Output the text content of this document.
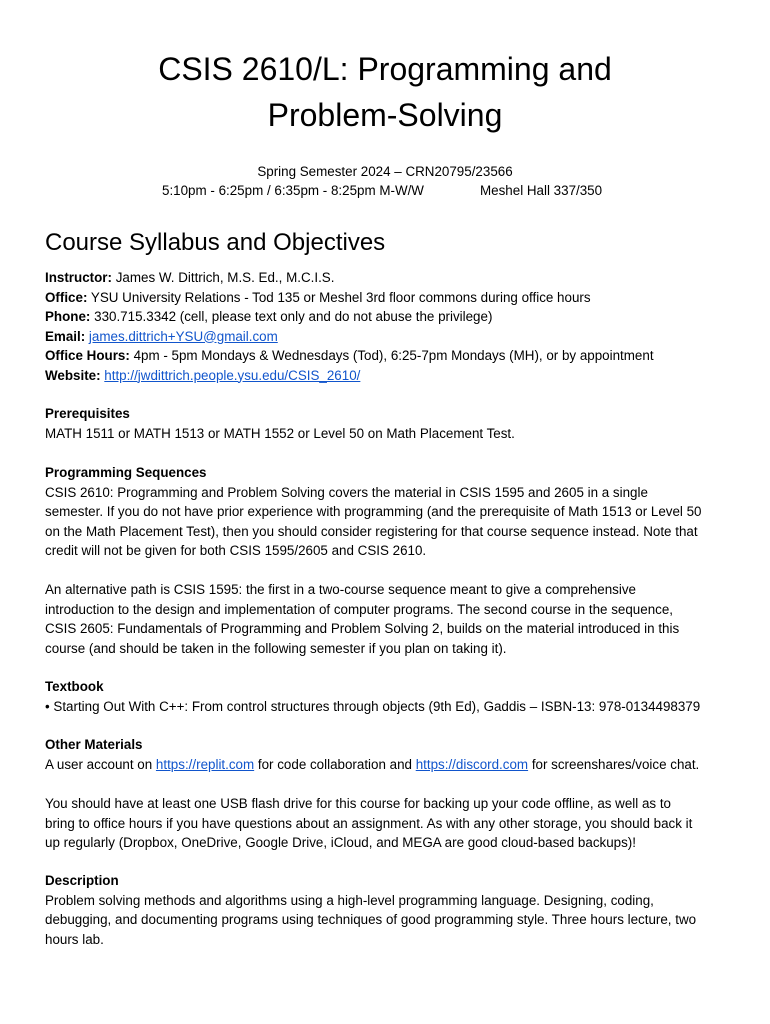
CSIS 2610/L: Programming and
Problem-Solving
Spring Semester 2024 – CRN20795/23566
5:10pm - 6:25pm / 6:35pm - 8:25pm M-W/W	Meshel Hall 337/350
Course Syllabus and Objectives
Instructor: James W. Dittrich, M.S. Ed., M.C.I.S.
Office: YSU University Relations - Tod 135 or Meshel 3rd floor commons during office hours
Phone: 330.715.3342 (cell, please text only and do not abuse the privilege)
Email: james.dittrich+YSU@gmail.com
Office Hours: 4pm - 5pm Mondays & Wednesdays (Tod), 6:25-7pm Mondays (MH), or by appointment
Website: http://jwdittrich.people.ysu.edu/CSIS_2610/
Prerequisites
MATH 1511 or MATH 1513 or MATH 1552 or Level 50 on Math Placement Test.
Programming Sequences
CSIS 2610: Programming and Problem Solving covers the material in CSIS 1595 and 2605 in a single
semester. If you do not have prior experience with programming (and the prerequisite of Math 1513 or Level 50
on the Math Placement Test), then you should consider registering for that course sequence instead. Note that
credit will not be given for both CSIS 1595/2605 and CSIS 2610.
An alternative path is CSIS 1595: the first in a two-course sequence meant to give a comprehensive
introduction to the design and implementation of computer programs. The second course in the sequence,
CSIS 2605: Fundamentals of Programming and Problem Solving 2, builds on the material introduced in this
course (and should be taken in the following semester if you plan on taking it).
Textbook
• Starting Out With C++: From control structures through objects (9th Ed), Gaddis – ISBN-13: 978-0134498379
Other Materials
A user account on https://replit.com for code collaboration and https://discord.com for screenshares/voice chat.
You should have at least one USB flash drive for this course for backing up your code offline, as well as to
bring to office hours if you have questions about an assignment. As with any other storage, you should back it
up regularly (Dropbox, OneDrive, Google Drive, iCloud, and MEGA are good cloud-based backups)!
Description
Problem solving methods and algorithms using a high-level programming language. Designing, coding,
debugging, and documenting programs using techniques of good programming style. Three hours lecture, two
hours lab.
